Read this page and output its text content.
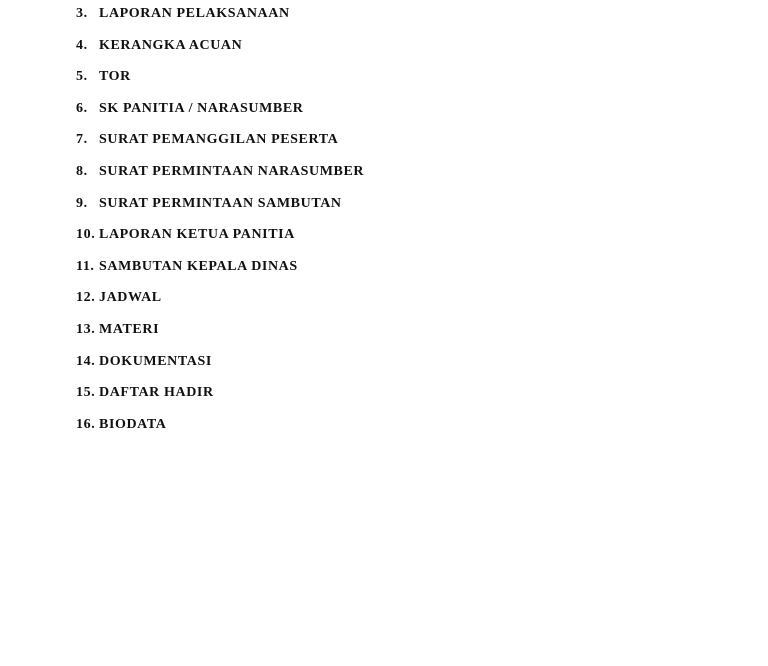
3. LAPORAN PELAKSANAAN
4. KERANGKA ACUAN
5. TOR
6. SK PANITIA / NARASUMBER
7. SURAT PEMANGGILAN PESERTA
8. SURAT PERMINTAAN NARASUMBER
9. SURAT PERMINTAAN SAMBUTAN
10. LAPORAN KETUA PANITIA
11. SAMBUTAN KEPALA DINAS
12. JADWAL
13. MATERI
14. DOKUMENTASI
15. DAFTAR HADIR
16. BIODATA
